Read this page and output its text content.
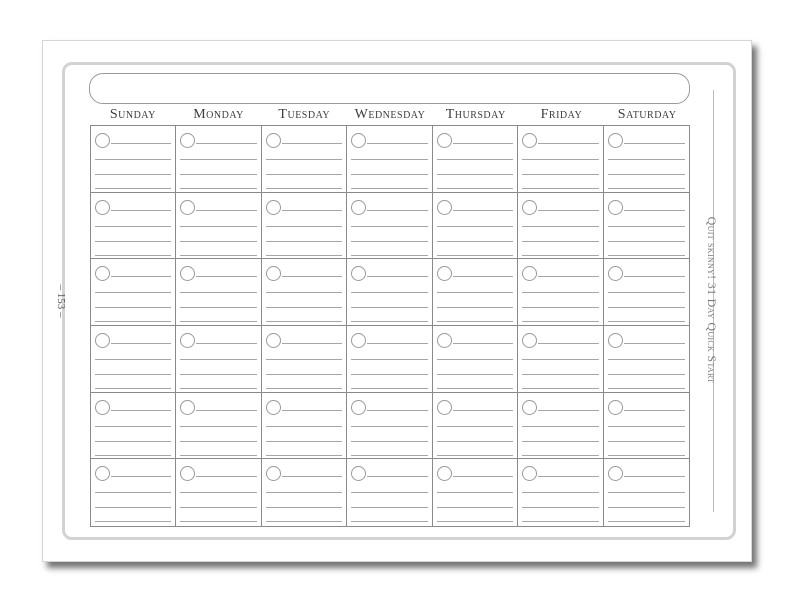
Sunday	Monday	Tuesday	Wednesday	Thursday	Friday	Saturday
Quit skinny! 31 Day Quick Start
– 153 –
